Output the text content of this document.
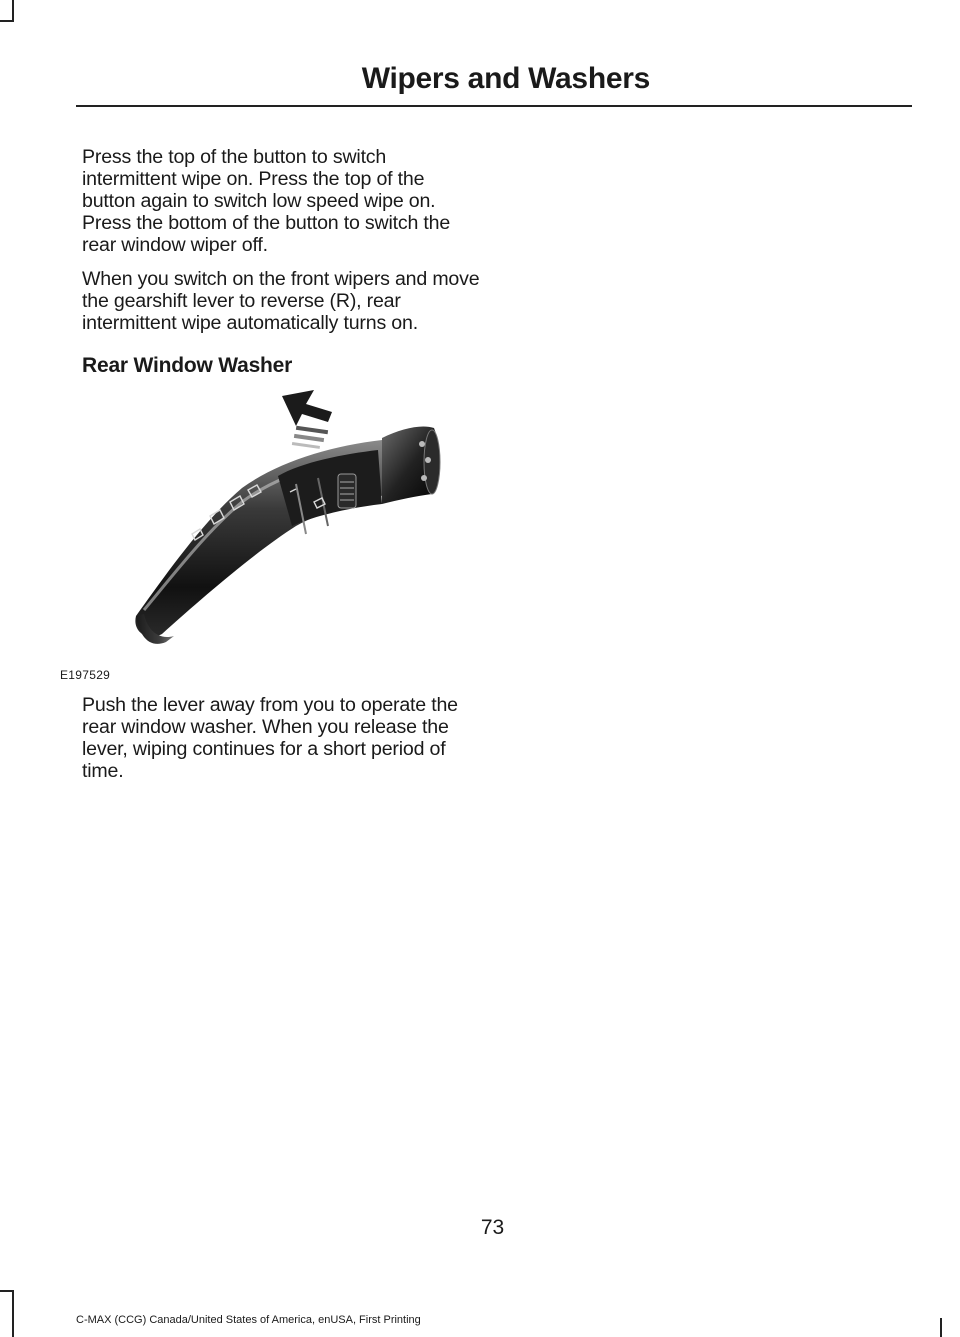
Wipers and Washers

Press the top of the button to switch intermittent wipe on. Press the top of the button again to switch low speed wipe on. Press the bottom of the button to switch the rear window wiper off.

When you switch on the front wipers and move the gearshift lever to reverse (R), rear intermittent wipe automatically turns on.

Rear Window Washer
E197529

Push the lever away from you to operate the rear window washer. When you release the lever, wiping continues for a short period of time.

73
C-MAX (CCG) Canada/United States of America, enUSA, First Printing
